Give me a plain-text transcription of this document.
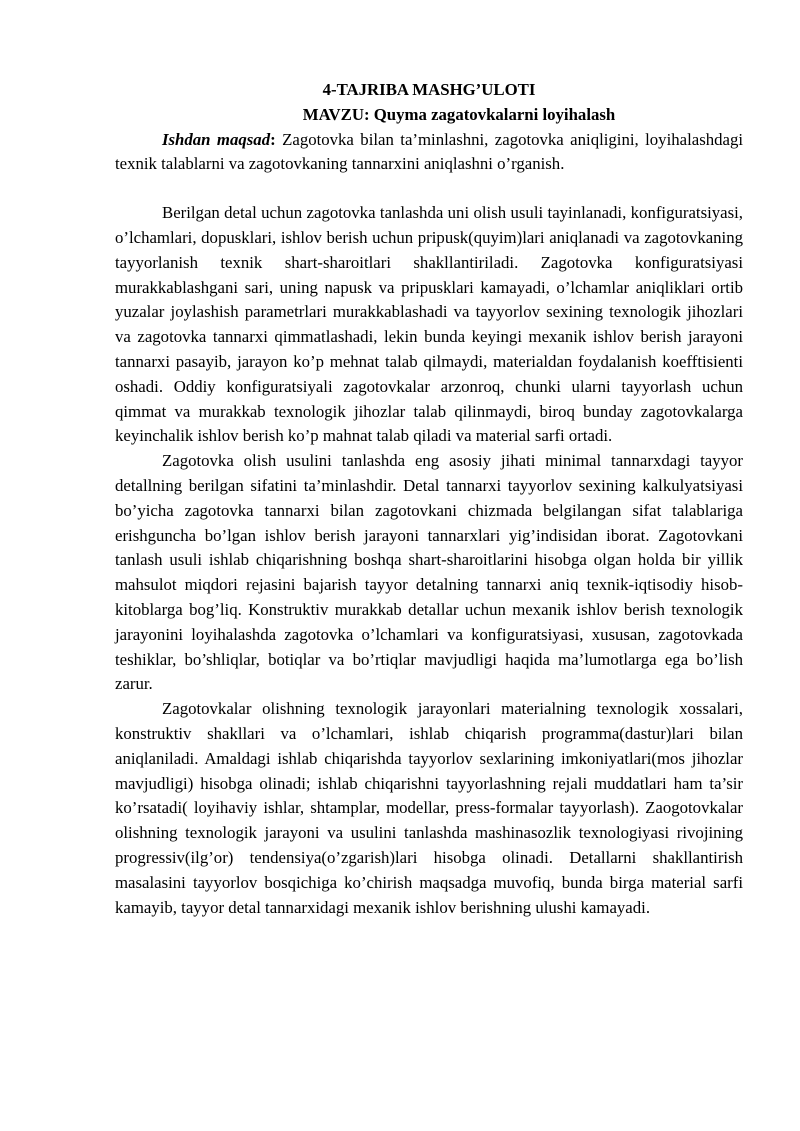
4-TAJRIBA MASHG’ULOTI
MAVZU: Quyma zagatovkalarni loyihalash

Ishdan maqsad: Zagotovka bilan ta’minlashni, zagotovka aniqligini, loyihalashdagi texnik talablarni va zagotovkaning tannarxini aniqlashni o’rganish.

Berilgan detal uchun zagotovka tanlashda uni olish usuli tayinlanadi, konfiguratsiyasi, o’lchamlari, dopusklari, ishlov berish uchun pripusk(quyim)lari aniqlanadi va zagotovkaning tayyorlanish texnik shart-sharoitlari shakllantiriladi. Zagotovka konfiguratsiyasi murakkablashgani sari, uning napusk va pripusklari kamayadi, o’lchamlar aniqliklari ortib yuzalar joylashish parametrlari murakkablashadi va tayyorlov sexining texnologik jihozlari va zagotovka tannarxi qimmatlashadi, lekin bunda keyingi mexanik ishlov berish jarayoni tannarxi pasayib, jarayon ko’p mehnat talab qilmaydi, materialdan foydalanish koefftisienti oshadi. Oddiy konfiguratsiyali zagotovkalar arzonroq, chunki ularni tayyorlash uchun qimmat va murakkab texnologik jihozlar talab qilinmaydi, biroq bunday zagotovkalarga keyinchalik ishlov berish ko’p mahnat talab qiladi va material sarfi ortadi.

Zagotovka olish usulini tanlashda eng asosiy jihati minimal tannarxdagi tayyor detallning berilgan sifatini ta’minlashdir. Detal tannarxi tayyorlov sexining kalkulyatsiyasi bo’yicha zagotovka tannarxi bilan zagotovkani chizmada belgilangan sifat talablariga erishguncha bo’lgan ishlov berish jarayoni tannarxlari yig’indisidan iborat. Zagotovkani tanlash usuli ishlab chiqarishning boshqa shart-sharoitlarini hisobga olgan holda bir yillik mahsulot miqdori rejasini bajarish tayyor detalning tannarxi aniq texnik-iqtisodiy hisob-kitoblarga bog’liq. Konstruktiv murakkab detallar uchun mexanik ishlov berish texnologik jarayonini loyihalashda zagotovka o’lchamlari va konfiguratsiyasi, xususan, zagotovkada teshiklar, bo’shliqlar, botiqlar va bo’rtiqlar mavjudligi haqida ma’lumotlarga ega bo’lish zarur.

Zagotovkalar olishning texnologik jarayonlari materialning texnologik xossalari, konstruktiv shakllari va o’lchamlari, ishlab chiqarish programma(dastur)lari bilan aniqlaniladi. Amaldagi ishlab chiqarishda tayyorlov sexlarining imkoniyatlari(mos jihozlar mavjudligi) hisobga olinadi; ishlab chiqarishni tayyorlashning rejali muddatlari ham ta’sir ko’rsatadi( loyihaviy ishlar, shtamplar, modellar, press-formalar tayyorlash). Zaogotovkalar olishning texnologik jarayoni va usulini tanlashda mashinasozlik texnologiyasi rivojining progressiv(ilg’or) tendensiya(o’zgarish)lari hisobga olinadi. Detallarni shakllantirish masalasini tayyorlov bosqichiga ko’chirish maqsadga muvofiq, bunda birga material sarfi kamayib, tayyor detal tannarxidagi mexanik ishlov berishning ulushi kamayadi.
